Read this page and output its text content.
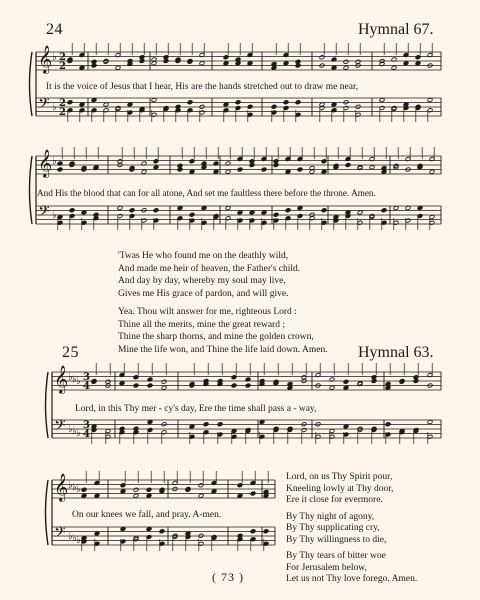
24	Hymnal 67.
𝄞
𝄢
♭
♭
2
2
2
2
𝄞
𝄢
♭
♭
𝄞
𝄢
♭
♭
♭
♭
♭
♭
3
4
3
4
𝄞
𝄢
♭
♭
♭
♭
♭
♭
It is the voice of Jesus that I hear, His are the hands stretched out to draw me near,
And His the blood that can for all atone, And set me faultless there before the throne. Amen.
'Twas He who found me on the deathly wild,
And made me heir of heaven, the Father's child.
And day by day, whereby my soul may live,
Gives me His grace of pardon, and will give.
Yea. Thou wilt answer for me, righteous Lord :
Thine all the merits, mine the great reward ;
Thine the sharp thorns, and mine the golden crown,
Mine the life won, and Thine the life laid down. Amen.
25	Hymnal 63.
Lord, in this Thy mer - cy's day, Ere the time shall pass a - way,
On our knees we fall, and pray. A-men.
Lord, on us Thy Spirit pour,
Kneeling lowly at Thy door,
Ere it close for evermore.
By Thy night of agony,
By Thy supplicating cry,
By Thy willingness to die,
By Thy tears of bitter woe
For Jerusalem below,
Let us not Thy love forego. Amen.
( 73 )
